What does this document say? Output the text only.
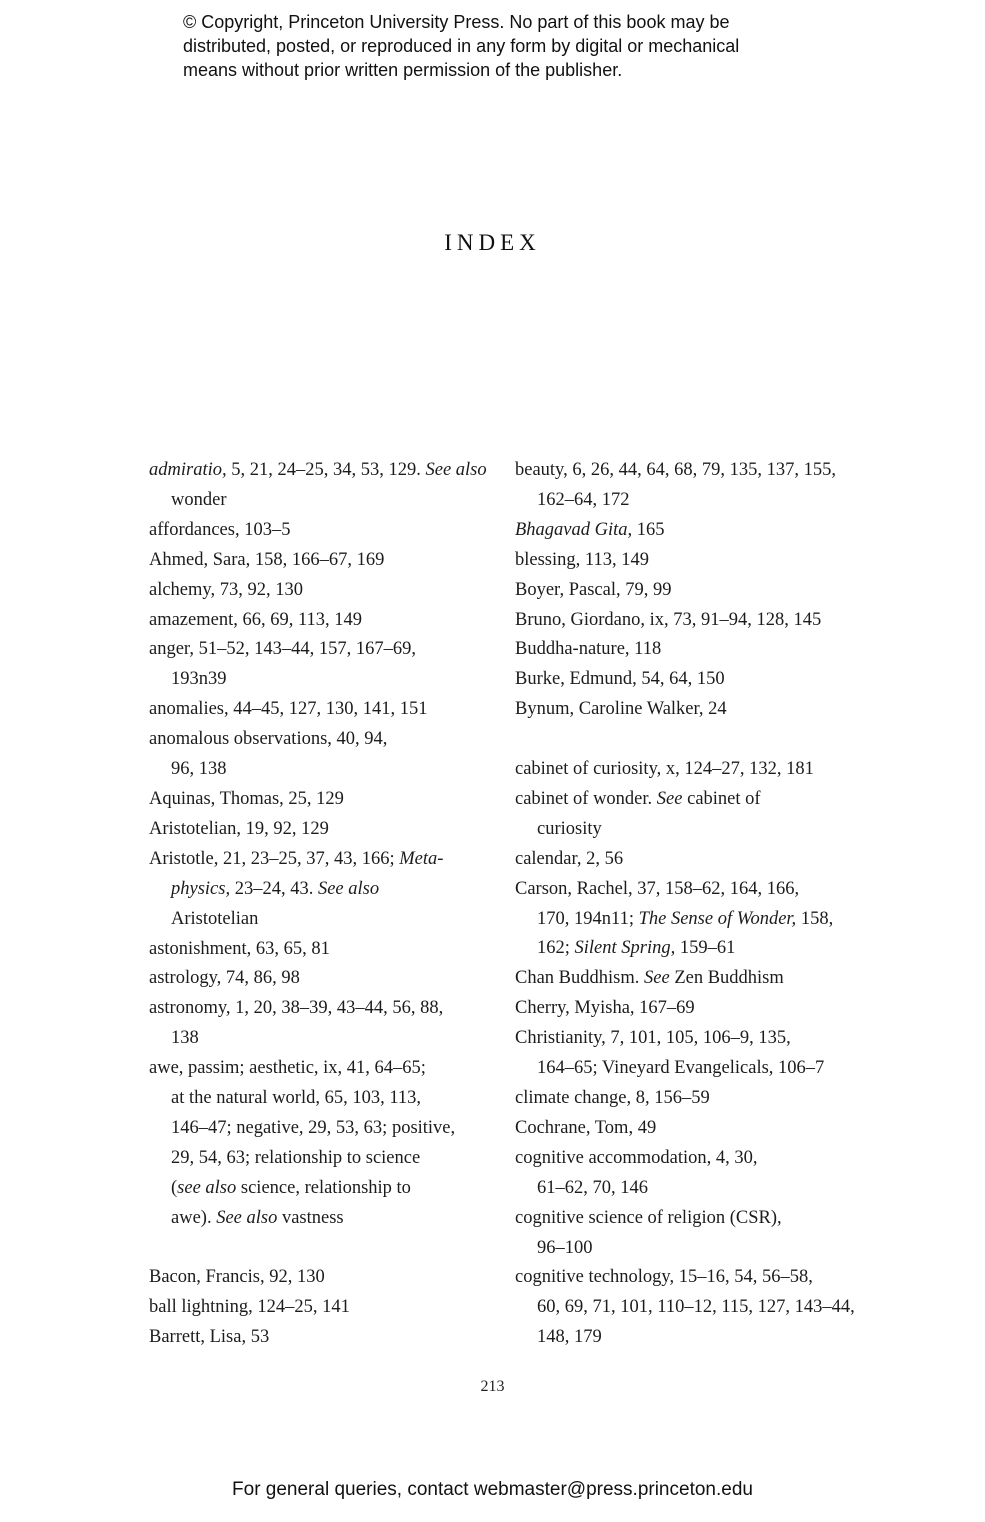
© Copyright, Princeton University Press. No part of this book may be
distributed, posted, or reproduced in any form by digital or mechanical
means without prior written permission of the publisher.
INDEX
admiratio, 5, 21, 24–25, 34, 53, 129. See also
wonder
affordances, 103–5
Ahmed, Sara, 158, 166–67, 169
alchemy, 73, 92, 130
amazement, 66, 69, 113, 149
anger, 51–52, 143–44, 157, 167–69,
193n39
anomalies, 44–45, 127, 130, 141, 151
anomalous observations, 40, 94,
96, 138
Aquinas, Thomas, 25, 129
Aristotelian, 19, 92, 129
Aristotle, 21, 23–25, 37, 43, 166; Meta-
physics, 23–24, 43. See also
Aristotelian
astonishment, 63, 65, 81
astrology, 74, 86, 98
astronomy, 1, 20, 38–39, 43–44, 56, 88,
138
awe, passim; aesthetic, ix, 41, 64–65;
at the natural world, 65, 103, 113,
146–47; negative, 29, 53, 63; positive,
29, 54, 63; relationship to science
(see also science, relationship to
awe). See also vastness
Bacon, Francis, 92, 130
ball lightning, 124–25, 141
Barrett, Lisa, 53
beauty, 6, 26, 44, 64, 68, 79, 135, 137, 155,
162–64, 172
Bhagavad Gita, 165
blessing, 113, 149
Boyer, Pascal, 79, 99
Bruno, Giordano, ix, 73, 91–94, 128, 145
Buddha-nature, 118
Burke, Edmund, 54, 64, 150
Bynum, Caroline Walker, 24
cabinet of curiosity, x, 124–27, 132, 181
cabinet of wonder. See cabinet of
curiosity
calendar, 2, 56
Carson, Rachel, 37, 158–62, 164, 166,
170, 194n11; The Sense of Wonder, 158,
162; Silent Spring, 159–61
Chan Buddhism. See Zen Buddhism
Cherry, Myisha, 167–69
Christianity, 7, 101, 105, 106–9, 135,
164–65; Vineyard Evangelicals, 106–7
climate change, 8, 156–59
Cochrane, Tom, 49
cognitive accommodation, 4, 30,
61–62, 70, 146
cognitive science of religion (CSR),
96–100
cognitive technology, 15–16, 54, 56–58,
60, 69, 71, 101, 110–12, 115, 127, 143–44,
148, 179
213
For general queries, contact webmaster@press.princeton.edu
